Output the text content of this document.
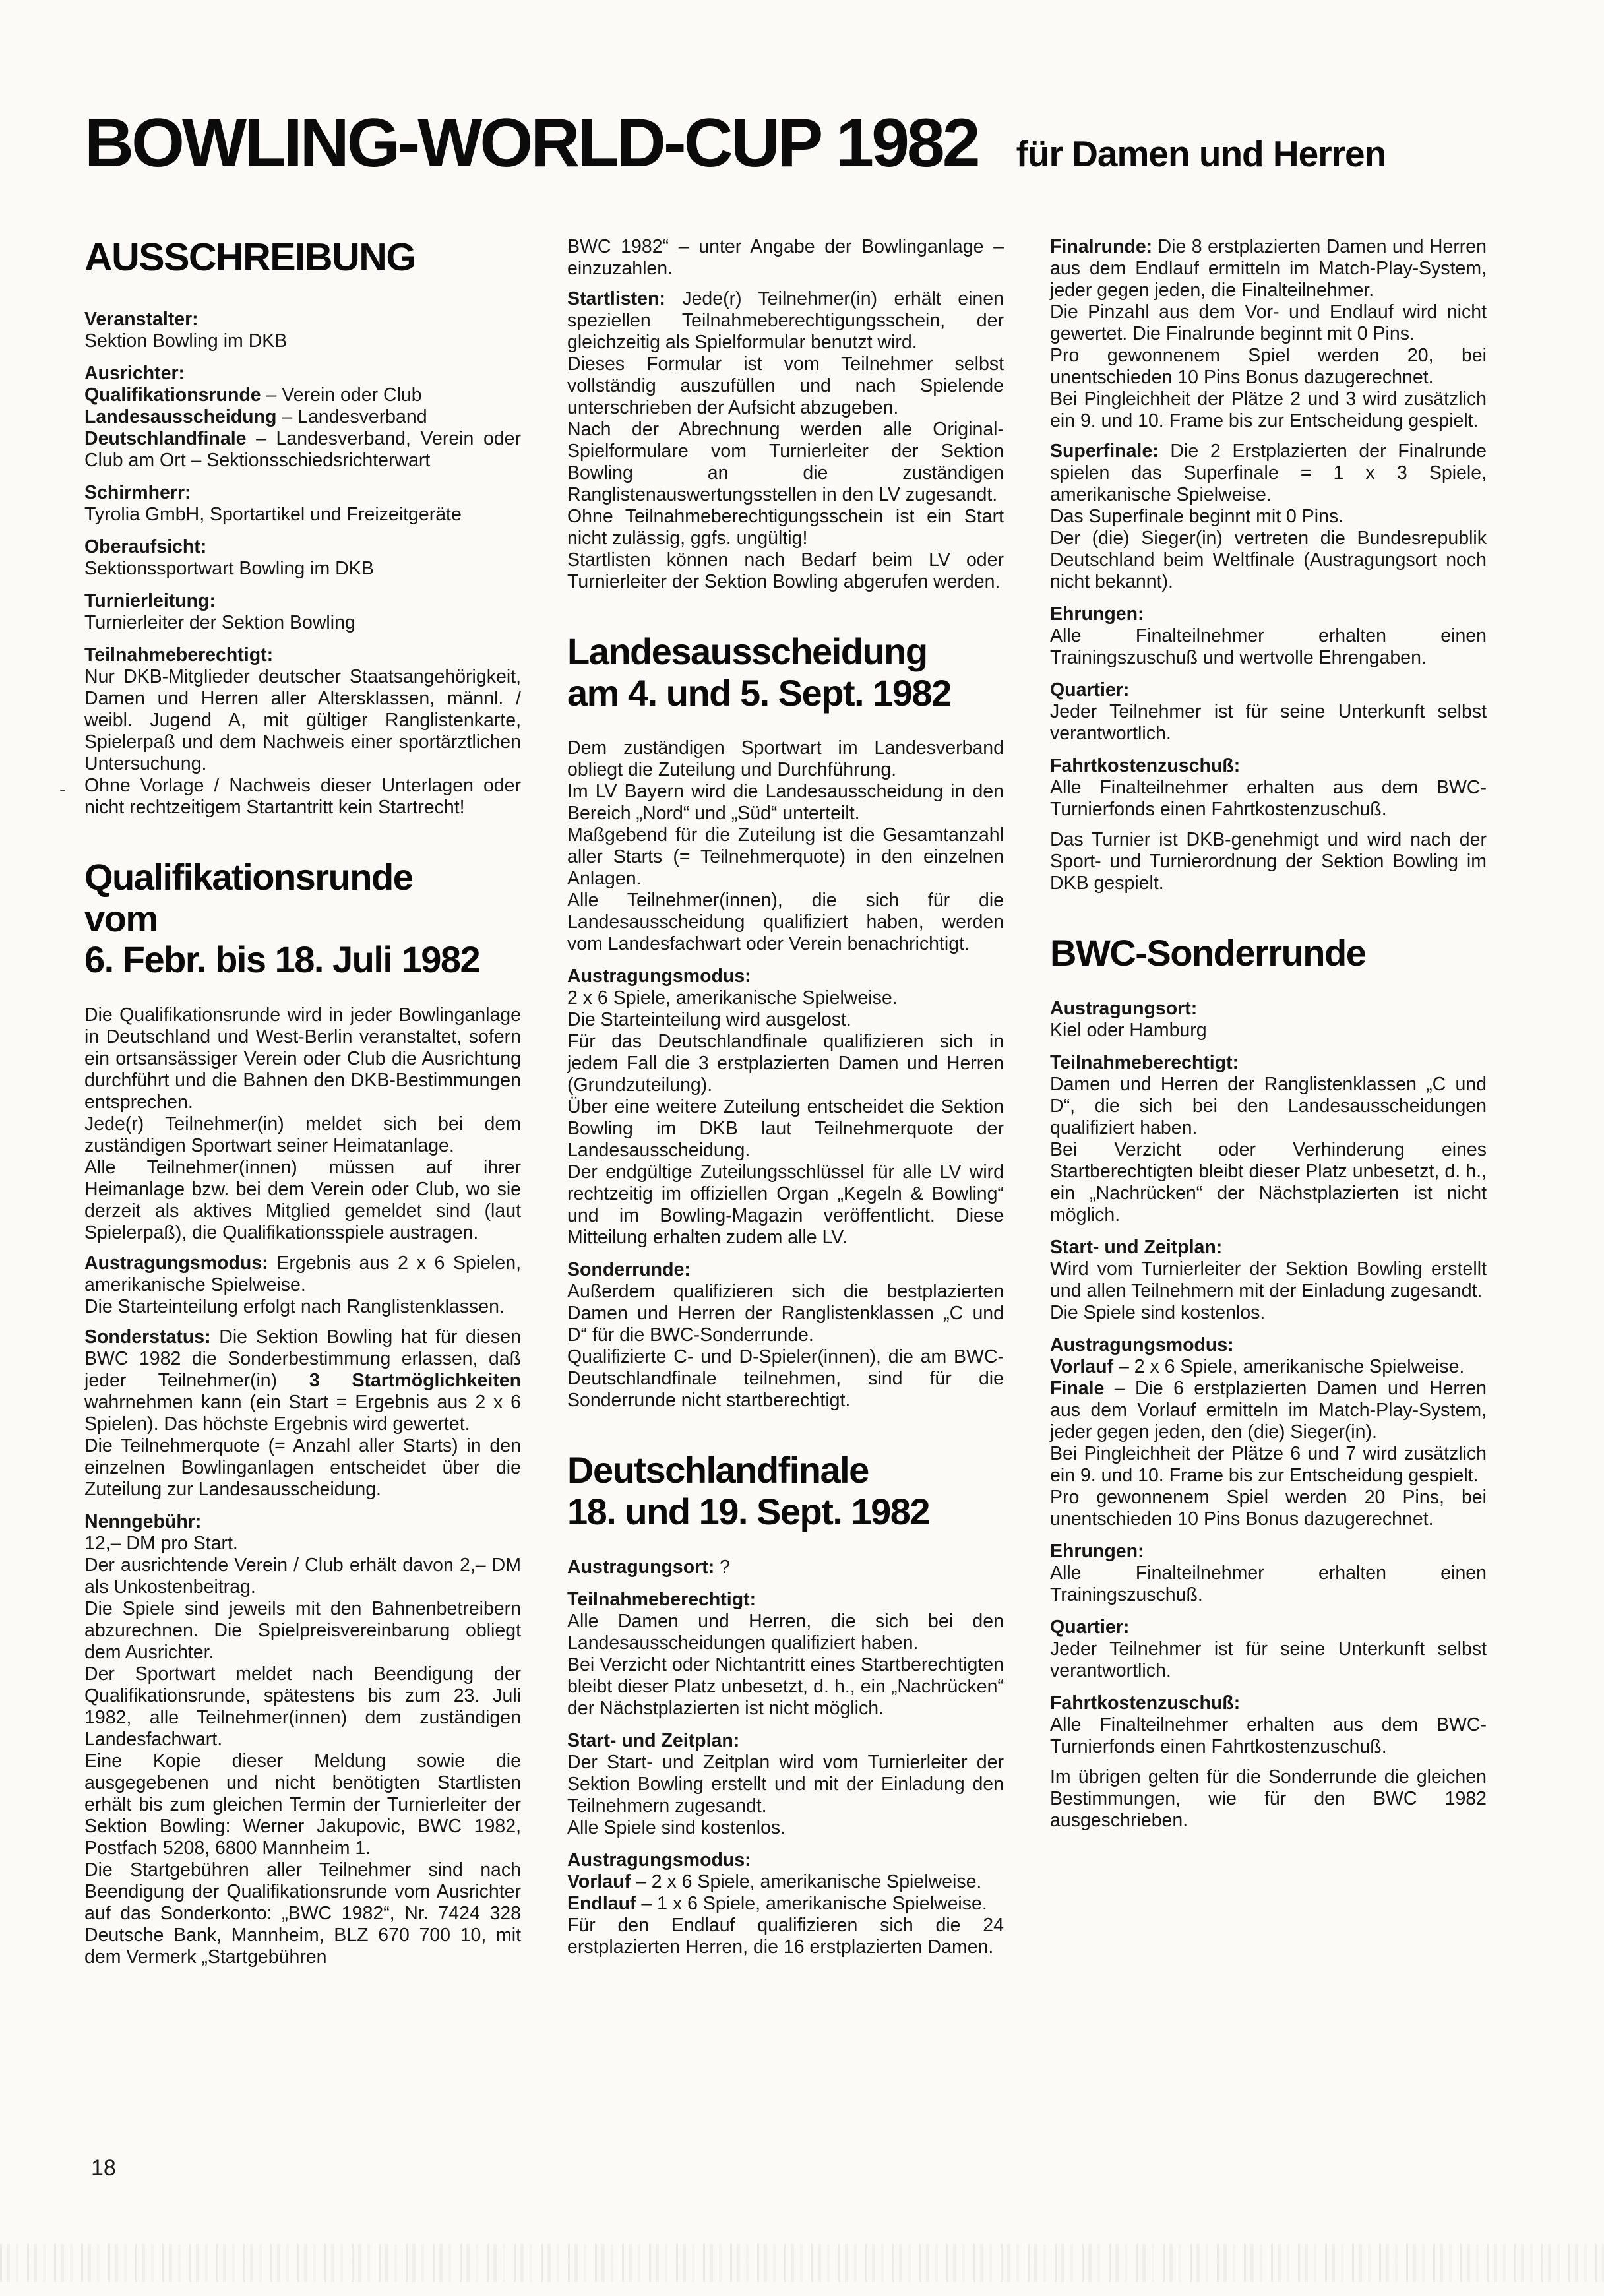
BOWLING-WORLD-CUP 1982 für Damen und Herren
AUSSCHREIBUNG

Veranstalter:

Sektion Bowling im DKB

Ausrichter:

Qualifikationsrunde – Verein oder Club

Landesausscheidung – Landesverband

Deutschlandfinale – Landesverband, Verein oder Club am Ort – Sektionsschiedsrichterwart

Schirmherr:

Tyrolia GmbH, Sportartikel und Freizeitgeräte

Oberaufsicht:

Sektionssportwart Bowling im DKB

Turnierleitung:

Turnierleiter der Sektion Bowling

Teilnahmeberechtigt:

Nur DKB-Mitglieder deutscher Staatsangehörigkeit, Damen und Herren aller Altersklassen, männl. / weibl. Jugend A, mit gültiger Ranglistenkarte, Spielerpaß und dem Nachweis einer sportärztlichen Untersuchung.

Ohne Vorlage / Nachweis dieser Unterlagen oder nicht rechtzeitigem Startantritt kein Startrecht!

Qualifikationsrunde
vom
6. Febr. bis 18. Juli 1982

Die Qualifikationsrunde wird in jeder Bowlinganlage in Deutschland und West-Berlin veranstaltet, sofern ein ortsansässiger Verein oder Club die Ausrichtung durchführt und die Bahnen den DKB-Bestimmungen entsprechen.

Jede(r) Teilnehmer(in) meldet sich bei dem zuständigen Sportwart seiner Heimatanlage.

Alle Teilnehmer(innen) müssen auf ihrer Heimanlage bzw. bei dem Verein oder Club, wo sie derzeit als aktives Mitglied gemeldet sind (laut Spielerpaß), die Qualifikationsspiele austragen.

Austragungsmodus: Ergebnis aus 2 x 6 Spielen, amerikanische Spielweise.

Die Starteinteilung erfolgt nach Ranglistenklassen.

Sonderstatus: Die Sektion Bowling hat für diesen BWC 1982 die Sonderbestimmung erlassen, daß jeder Teilnehmer(in) 3 Startmöglichkeiten wahrnehmen kann (ein Start = Ergebnis aus 2 x 6 Spielen). Das höchste Ergebnis wird gewertet.

Die Teilnehmerquote (= Anzahl aller Starts) in den einzelnen Bowlinganlagen entscheidet über die Zuteilung zur Landesausscheidung.

Nenngebühr:

12,– DM pro Start.

Der ausrichtende Verein / Club erhält davon 2,– DM als Unkostenbeitrag.

Die Spiele sind jeweils mit den Bahnenbetreibern abzurechnen. Die Spielpreisvereinbarung obliegt dem Ausrichter.

Der Sportwart meldet nach Beendigung der Qualifikationsrunde, spätestens bis zum 23. Juli 1982, alle Teilnehmer(innen) dem zuständigen Landesfachwart.

Eine Kopie dieser Meldung sowie die ausgegebenen und nicht benötigten Startlisten erhält bis zum gleichen Termin der Turnierleiter der Sektion Bowling: Werner Jakupovic, BWC 1982, Postfach 5208, 6800 Mannheim 1.

Die Startgebühren aller Teilnehmer sind nach Beendigung der Qualifikationsrunde vom Ausrichter auf das Sonderkonto: „BWC 1982“, Nr. 7424 328 Deutsche Bank, Mannheim, BLZ 670 700 10, mit dem Vermerk „Startgebühren

BWC 1982“ – unter Angabe der Bowlinganlage – einzuzahlen.

Startlisten: Jede(r) Teilnehmer(in) erhält einen speziellen Teilnahmeberechtigungsschein, der gleichzeitig als Spielformular benutzt wird.

Dieses Formular ist vom Teilnehmer selbst vollständig auszufüllen und nach Spielende unterschrieben der Aufsicht abzugeben.

Nach der Abrechnung werden alle Original-Spielformulare vom Turnierleiter der Sektion Bowling an die zuständigen Ranglistenauswertungsstellen in den LV zugesandt.

Ohne Teilnahmeberechtigungsschein ist ein Start nicht zulässig, ggfs. ungültig!

Startlisten können nach Bedarf beim LV oder Turnierleiter der Sektion Bowling abgerufen werden.

Landesausscheidung
am 4. und 5. Sept. 1982

Dem zuständigen Sportwart im Landesverband obliegt die Zuteilung und Durchführung.

Im LV Bayern wird die Landesausscheidung in den Bereich „Nord“ und „Süd“ unterteilt.

Maßgebend für die Zuteilung ist die Gesamtanzahl aller Starts (= Teilnehmerquote) in den einzelnen Anlagen.

Alle Teilnehmer(innen), die sich für die Landesausscheidung qualifiziert haben, werden vom Landesfachwart oder Verein benachrichtigt.

Austragungsmodus:

2 x 6 Spiele, amerikanische Spielweise.

Die Starteinteilung wird ausgelost.

Für das Deutschlandfinale qualifizieren sich in jedem Fall die 3 erstplazierten Damen und Herren (Grundzuteilung).

Über eine weitere Zuteilung entscheidet die Sektion Bowling im DKB laut Teilnehmerquote der Landesausscheidung.

Der endgültige Zuteilungsschlüssel für alle LV wird rechtzeitig im offiziellen Organ „Kegeln & Bowling“ und im Bowling-Magazin veröffentlicht. Diese Mitteilung erhalten zudem alle LV.

Sonderrunde:

Außerdem qualifizieren sich die bestplazierten Damen und Herren der Ranglistenklassen „C und D“ für die BWC-Sonderrunde.

Qualifizierte C- und D-Spieler(innen), die am BWC-Deutschlandfinale teilnehmen, sind für die Sonderrunde nicht startberechtigt.

Deutschlandfinale
18. und 19. Sept. 1982

Austragungsort: ?

Teilnahmeberechtigt:

Alle Damen und Herren, die sich bei den Landesausscheidungen qualifiziert haben.

Bei Verzicht oder Nichtantritt eines Startberechtigten bleibt dieser Platz unbesetzt, d. h., ein „Nachrücken“ der Nächstplazierten ist nicht möglich.

Start- und Zeitplan:

Der Start- und Zeitplan wird vom Turnierleiter der Sektion Bowling erstellt und mit der Einladung den Teilnehmern zugesandt.

Alle Spiele sind kostenlos.

Austragungsmodus:

Vorlauf – 2 x 6 Spiele, amerikanische Spielweise.

Endlauf – 1 x 6 Spiele, amerikanische Spielweise.

Für den Endlauf qualifizieren sich die 24 erstplazierten Herren, die 16 erstplazierten Damen.

Finalrunde: Die 8 erstplazierten Damen und Herren aus dem Endlauf ermitteln im Match-Play-System, jeder gegen jeden, die Finalteilnehmer.

Die Pinzahl aus dem Vor- und Endlauf wird nicht gewertet. Die Finalrunde beginnt mit 0 Pins.

Pro gewonnenem Spiel werden 20, bei unentschieden 10 Pins Bonus dazugerechnet.

Bei Pingleichheit der Plätze 2 und 3 wird zusätzlich ein 9. und 10. Frame bis zur Entscheidung gespielt.

Superfinale: Die 2 Erstplazierten der Finalrunde spielen das Superfinale = 1 x 3 Spiele, amerikanische Spielweise.

Das Superfinale beginnt mit 0 Pins.

Der (die) Sieger(in) vertreten die Bundesrepublik Deutschland beim Weltfinale (Austragungsort noch nicht bekannt).

Ehrungen:

Alle Finalteilnehmer erhalten einen Trainingszuschuß und wertvolle Ehrengaben.

Quartier:

Jeder Teilnehmer ist für seine Unterkunft selbst verantwortlich.

Fahrtkostenzuschuß:

Alle Finalteilnehmer erhalten aus dem BWC-Turnierfonds einen Fahrtkostenzuschuß.

Das Turnier ist DKB-genehmigt und wird nach der Sport- und Turnierordnung der Sektion Bowling im DKB gespielt.

BWC-Sonderrunde

Austragungsort:

Kiel oder Hamburg

Teilnahmeberechtigt:

Damen und Herren der Ranglistenklassen „C und D“, die sich bei den Landesausscheidungen qualifiziert haben.

Bei Verzicht oder Verhinderung eines Startberechtigten bleibt dieser Platz unbesetzt, d. h., ein „Nachrücken“ der Nächstplazierten ist nicht möglich.

Start- und Zeitplan:

Wird vom Turnierleiter der Sektion Bowling erstellt und allen Teilnehmern mit der Einladung zugesandt.

Die Spiele sind kostenlos.

Austragungsmodus:

Vorlauf – 2 x 6 Spiele, amerikanische Spielweise.

Finale – Die 6 erstplazierten Damen und Herren aus dem Vorlauf ermitteln im Match-Play-System, jeder gegen jeden, den (die) Sieger(in).

Bei Pingleichheit der Plätze 6 und 7 wird zusätzlich ein 9. und 10. Frame bis zur Entscheidung gespielt.

Pro gewonnenem Spiel werden 20 Pins, bei unentschieden 10 Pins Bonus dazugerechnet.

Ehrungen:

Alle Finalteilnehmer erhalten einen Trainingszuschuß.

Quartier:

Jeder Teilnehmer ist für seine Unterkunft selbst verantwortlich.

Fahrtkostenzuschuß:

Alle Finalteilnehmer erhalten aus dem BWC-Turnierfonds einen Fahrtkostenzuschuß.

Im übrigen gelten für die Sonderrunde die gleichen Bestimmungen, wie für den BWC 1982 ausgeschrieben.

18
-
